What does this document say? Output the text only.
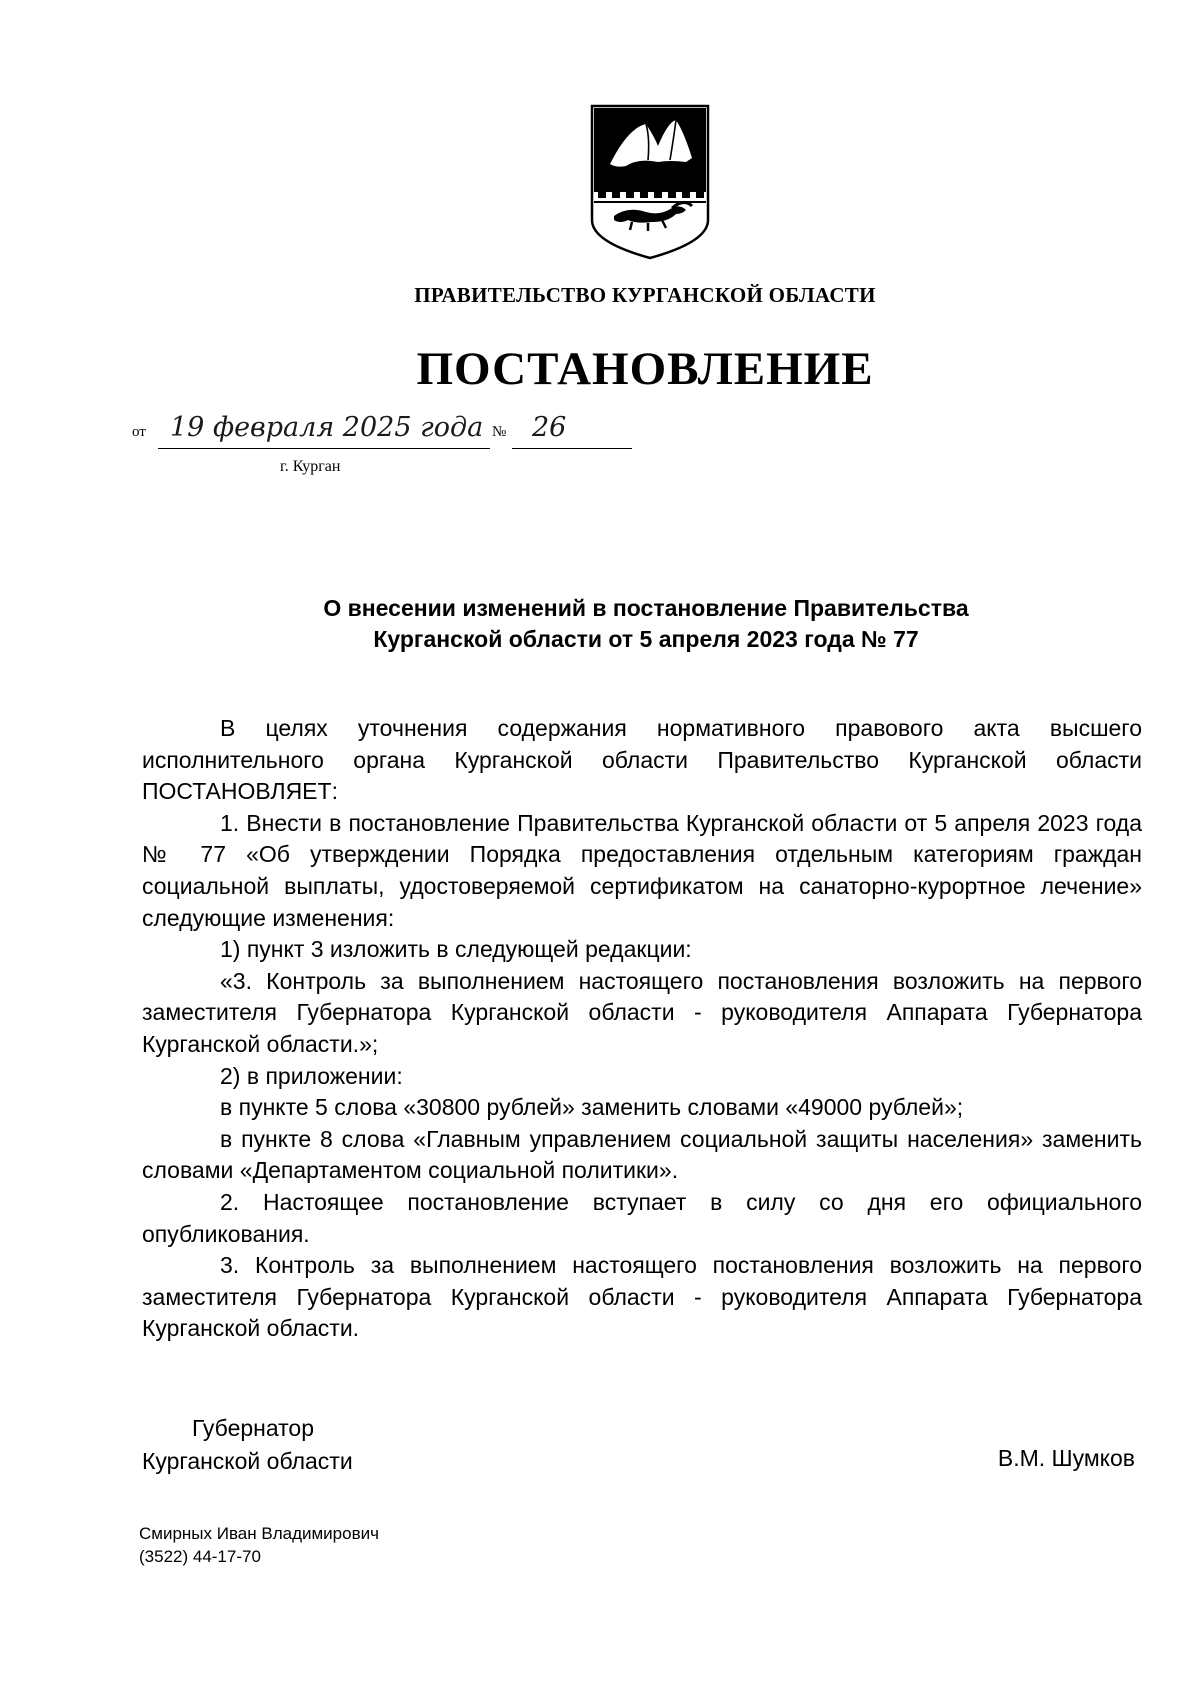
ПРАВИТЕЛЬСТВО КУРГАНСКОЙ ОБЛАСТИ
ПОСТАНОВЛЕНИЕ
от 19 февраля 2025 года № 26
г. Курган
О внесении изменений в постановление Правительства
Курганской области от 5 апреля 2023 года № 77

В целях уточнения содержания нормативного правового акта высшего исполнительного органа Курганской области Правительство Курганской области ПОСТАНОВЛЯЕТ:

1. Внести в постановление Правительства Курганской области от 5 апреля 2023 года № 77 «Об утверждении Порядка предоставления отдельным категориям граждан социальной выплаты, удостоверяемой сертификатом на санаторно-курортное лечение» следующие изменения:

1) пункт 3 изложить в следующей редакции:

«3. Контроль за выполнением настоящего постановления возложить на первого заместителя Губернатора Курганской области - руководителя Аппарата Губернатора Курганской области.»;

2) в приложении:

в пункте 5 слова «30800 рублей» заменить словами «49000 рублей»;

в пункте 8 слова «Главным управлением социальной защиты населения» заменить словами «Департаментом социальной политики».

2. Настоящее постановление вступает в силу со дня его официального опубликования.

3. Контроль за выполнением настоящего постановления возложить на первого заместителя Губернатора Курганской области - руководителя Аппарата Губернатора Курганской области.

Губернатор
Курганской области	В.М. Шумков
Смирных Иван Владимирович
(3522) 44-17-70
